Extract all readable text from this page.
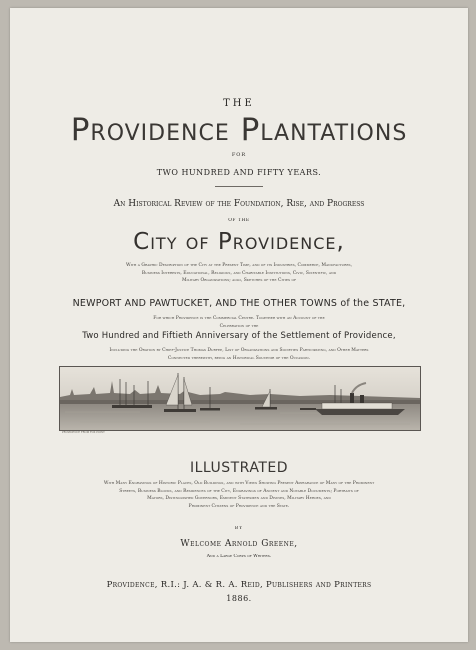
THE
Providence Plantations
FOR
TWO HUNDRED AND FIFTY YEARS.
An Historical Review of the Foundation, Rise, and Progress
OF THE
City of Providence,
With a Graphic Description of the City at the Present Time, and of its Industries, Commerce, Manufactures,
Business Interests, Educational, Religious, and Charitable Institutions, Civic, Scientific, and
Military Organizations; also, Sketches of the Cities of
NEWPORT AND PAWTUCKET, AND THE OTHER TOWNS of the STATE,
For which Providence is the Commercial Centre. Together with an Account of the
Celebration of the
Two Hundred and Fiftieth Anniversary of the Settlement of Providence,
Including the Oration by Chief-Justice Thomas Durfee, List of Organizations and Societies Participating, and Other Matters
Connected therewith, being an Historical Souvenir of the Occasion.
PROVIDENCE FROM FOX POINT
ILLUSTRATED
With Many Engravings of Historic Places, Old Buildings, and with Views Showing Present Appearance of Many of the Prominent
Streets, Business Blocks, and Residences of the City, Engravings of Ancient and Notable Documents; Portraits of
Mayors, Distinguished Governors, Eminent Statesmen and Divines, Military Heroes, and
Prominent Citizens of Providence and the State.
BY
Welcome Arnold Greene,
And a Large Corps of Writers.
Providence, R.I.: J. A. & R. A. Reid, Publishers and Printers
1886.
